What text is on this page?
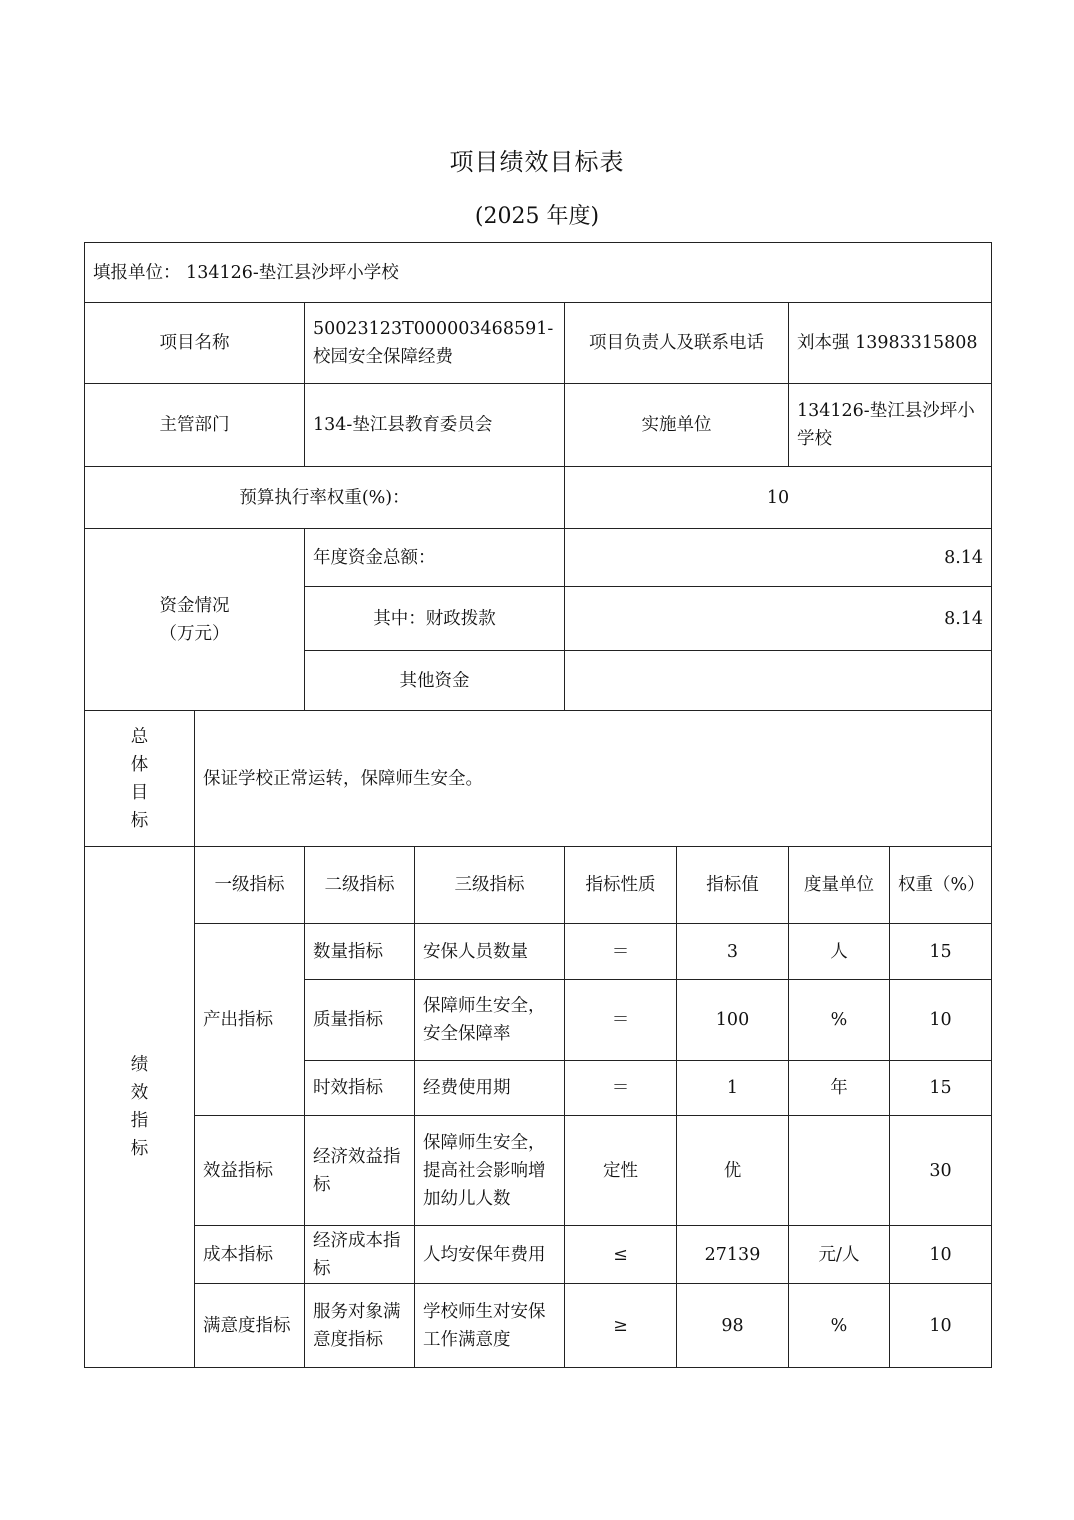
项目绩效目标表
(2025 年度)
填报单位： 134126-垫江县沙坪小学校							
项目名称		50023123T000003468591-校园安全保障经费		项目负责人及联系电话		刘本强 13983315808	
主管部门		134-垫江县教育委员会		实施单位		134126-垫江县沙坪小学校	
预算执行率权重(%)：				10			
资金情况
（万元）		年度资金总额：		8.14			
		其中：财政拨款		8.14			
		其他资金					

总
体
目
标	保证学校正常运转，保障师生安全。						

绩
效
指
标	一级指标	二级指标	三级指标	指标性质	指标值	度量单位	权重（%）
	产出指标	数量指标	安保人员数量	＝	3	人	15
		质量指标	保障师生安全，安全保障率	＝	100	%	10
		时效指标	经费使用期	＝	1	年	15
	效益指标	经济效益指标	保障师生安全，提高社会影响增加幼儿人数	定性	优		30
	成本指标	经济成本指标	人均安保年费用	≤	27139	元/人	10
	满意度指标	服务对象满意度指标	学校师生对安保工作满意度	≥	98	%	10
